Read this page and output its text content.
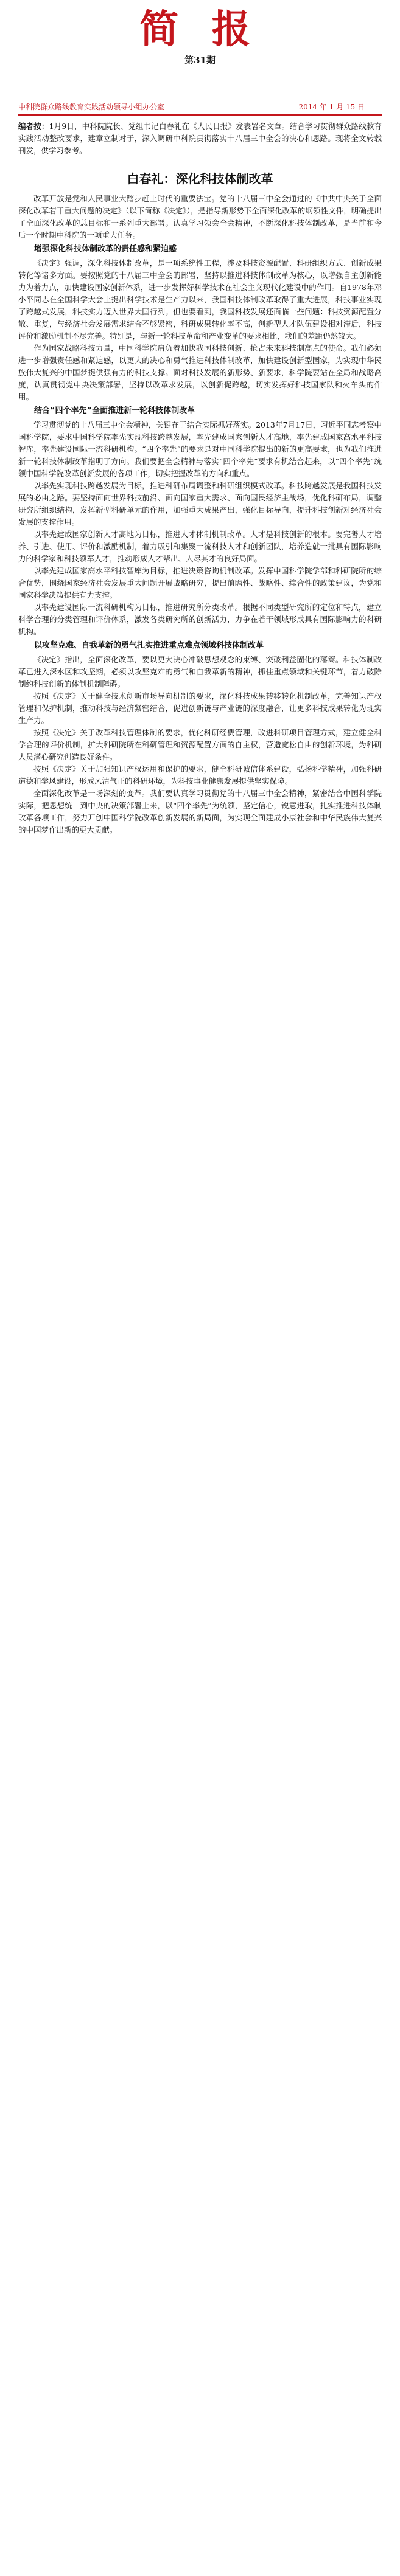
简 报
第31期
中科院群众路线教育实践活动领导小组办公室	2014 年 1 月 15 日
编者按：1月9日，中科院院长、党组书记白春礼在《人民日报》发表署名文章。结合学习贯彻群众路线教育实践活动整改要求，建章立制对于，深入调研中科院贯彻落实十八届三中全会的决心和思路。现将全文转载刊发，供学习参考。
白春礼：深化科技体制改革

改革开放是党和人民事业大踏步赶上时代的重要法宝。党的十八届三中全会通过的《中共中央关于全面深化改革若干重大问题的决定》（以下简称《决定》），是指导新形势下全面深化改革的纲领性文件，明确提出了全面深化改革的总目标和一系列重大部署。认真学习领会全会精神，不断深化科技体制改革，是当前和今后一个时期中科院的一项重大任务。

增强深化科技体制改革的责任感和紧迫感

《决定》强调，深化科技体制改革，是一项系统性工程，涉及科技资源配置、科研组织方式、创新成果转化等诸多方面。要按照党的十八届三中全会的部署，坚持以推进科技体制改革为核心，以增强自主创新能力为着力点，加快建设国家创新体系，进一步发挥好科学技术在社会主义现代化建设中的作用。自1978年邓小平同志在全国科学大会上提出科学技术是生产力以来，我国科技体制改革取得了重大进展，科技事业实现了跨越式发展，科技实力迈入世界大国行列。但也要看到，我国科技发展还面临一些问题：科技资源配置分散、重复，与经济社会发展需求结合不够紧密，科研成果转化率不高，创新型人才队伍建设相对滞后，科技评价和激励机制不尽完善。特别是，与新一轮科技革命和产业变革的要求相比，我们的差距仍然较大。

作为国家战略科技力量，中国科学院肩负着加快我国科技创新、抢占未来科技制高点的使命。我们必须进一步增强责任感和紧迫感，以更大的决心和勇气推进科技体制改革，加快建设创新型国家，为实现中华民族伟大复兴的中国梦提供强有力的科技支撑。面对科技发展的新形势、新要求，科学院要站在全局和战略高度，认真贯彻党中央决策部署，坚持以改革求发展，以创新促跨越，切实发挥好科技国家队和火车头的作用。

结合“四个率先”全面推进新一轮科技体制改革

学习贯彻党的十八届三中全会精神，关键在于结合实际抓好落实。2013年7月17日，习近平同志考察中国科学院，要求中国科学院率先实现科技跨越发展，率先建成国家创新人才高地，率先建成国家高水平科技智库，率先建设国际一流科研机构。“四个率先”的要求是对中国科学院提出的新的更高要求，也为我们推进新一轮科技体制改革指明了方向。我们要把全会精神与落实“四个率先”要求有机结合起来，以“四个率先”统领中国科学院改革创新发展的各项工作，切实把握改革的方向和重点。

以率先实现科技跨越发展为目标，推进科研布局调整和科研组织模式改革。科技跨越发展是我国科技发展的必由之路。要坚持面向世界科技前沿、面向国家重大需求、面向国民经济主战场，优化科研布局，调整研究所组织结构，发挥新型科研单元的作用，加强重大成果产出，强化目标导向，提升科技创新对经济社会发展的支撑作用。

以率先建成国家创新人才高地为目标，推进人才体制机制改革。人才是科技创新的根本。要完善人才培养、引进、使用、评价和激励机制，着力吸引和集聚一流科技人才和创新团队，培养造就一批具有国际影响力的科学家和科技领军人才，推动形成人才辈出、人尽其才的良好局面。

以率先建成国家高水平科技智库为目标，推进决策咨询机制改革。发挥中国科学院学部和科研院所的综合优势，围绕国家经济社会发展重大问题开展战略研究，提出前瞻性、战略性、综合性的政策建议，为党和国家科学决策提供有力支撑。

以率先建设国际一流科研机构为目标，推进研究所分类改革。根据不同类型研究所的定位和特点，建立科学合理的分类管理和评价体系，激发各类研究所的创新活力，力争在若干领域形成具有国际影响力的科研机构。

以攻坚克难、自我革新的勇气扎实推进重点难点领域科技体制改革

《决定》指出，全面深化改革，要以更大决心冲破思想观念的束缚、突破利益固化的藩篱。科技体制改革已进入深水区和攻坚期，必须以攻坚克难的勇气和自我革新的精神，抓住重点领域和关键环节，着力破除制约科技创新的体制机制障碍。

按照《决定》关于健全技术创新市场导向机制的要求，深化科技成果转移转化机制改革，完善知识产权管理和保护机制，推动科技与经济紧密结合，促进创新链与产业链的深度融合，让更多科技成果转化为现实生产力。

按照《决定》关于改革科技管理体制的要求，优化科研经费管理，改进科研项目管理方式，建立健全科学合理的评价机制，扩大科研院所在科研管理和资源配置方面的自主权，营造宽松自由的创新环境，为科研人员潜心研究创造良好条件。

按照《决定》关于加强知识产权运用和保护的要求，健全科研诚信体系建设，弘扬科学精神，加强科研道德和学风建设，形成风清气正的科研环境，为科技事业健康发展提供坚实保障。

全面深化改革是一场深刻的变革。我们要认真学习贯彻党的十八届三中全会精神，紧密结合中国科学院实际，把思想统一到中央的决策部署上来，以“四个率先”为统领，坚定信心，锐意进取，扎实推进科技体制改革各项工作，努力开创中国科学院改革创新发展的新局面，为实现全面建成小康社会和中华民族伟大复兴的中国梦作出新的更大贡献。
